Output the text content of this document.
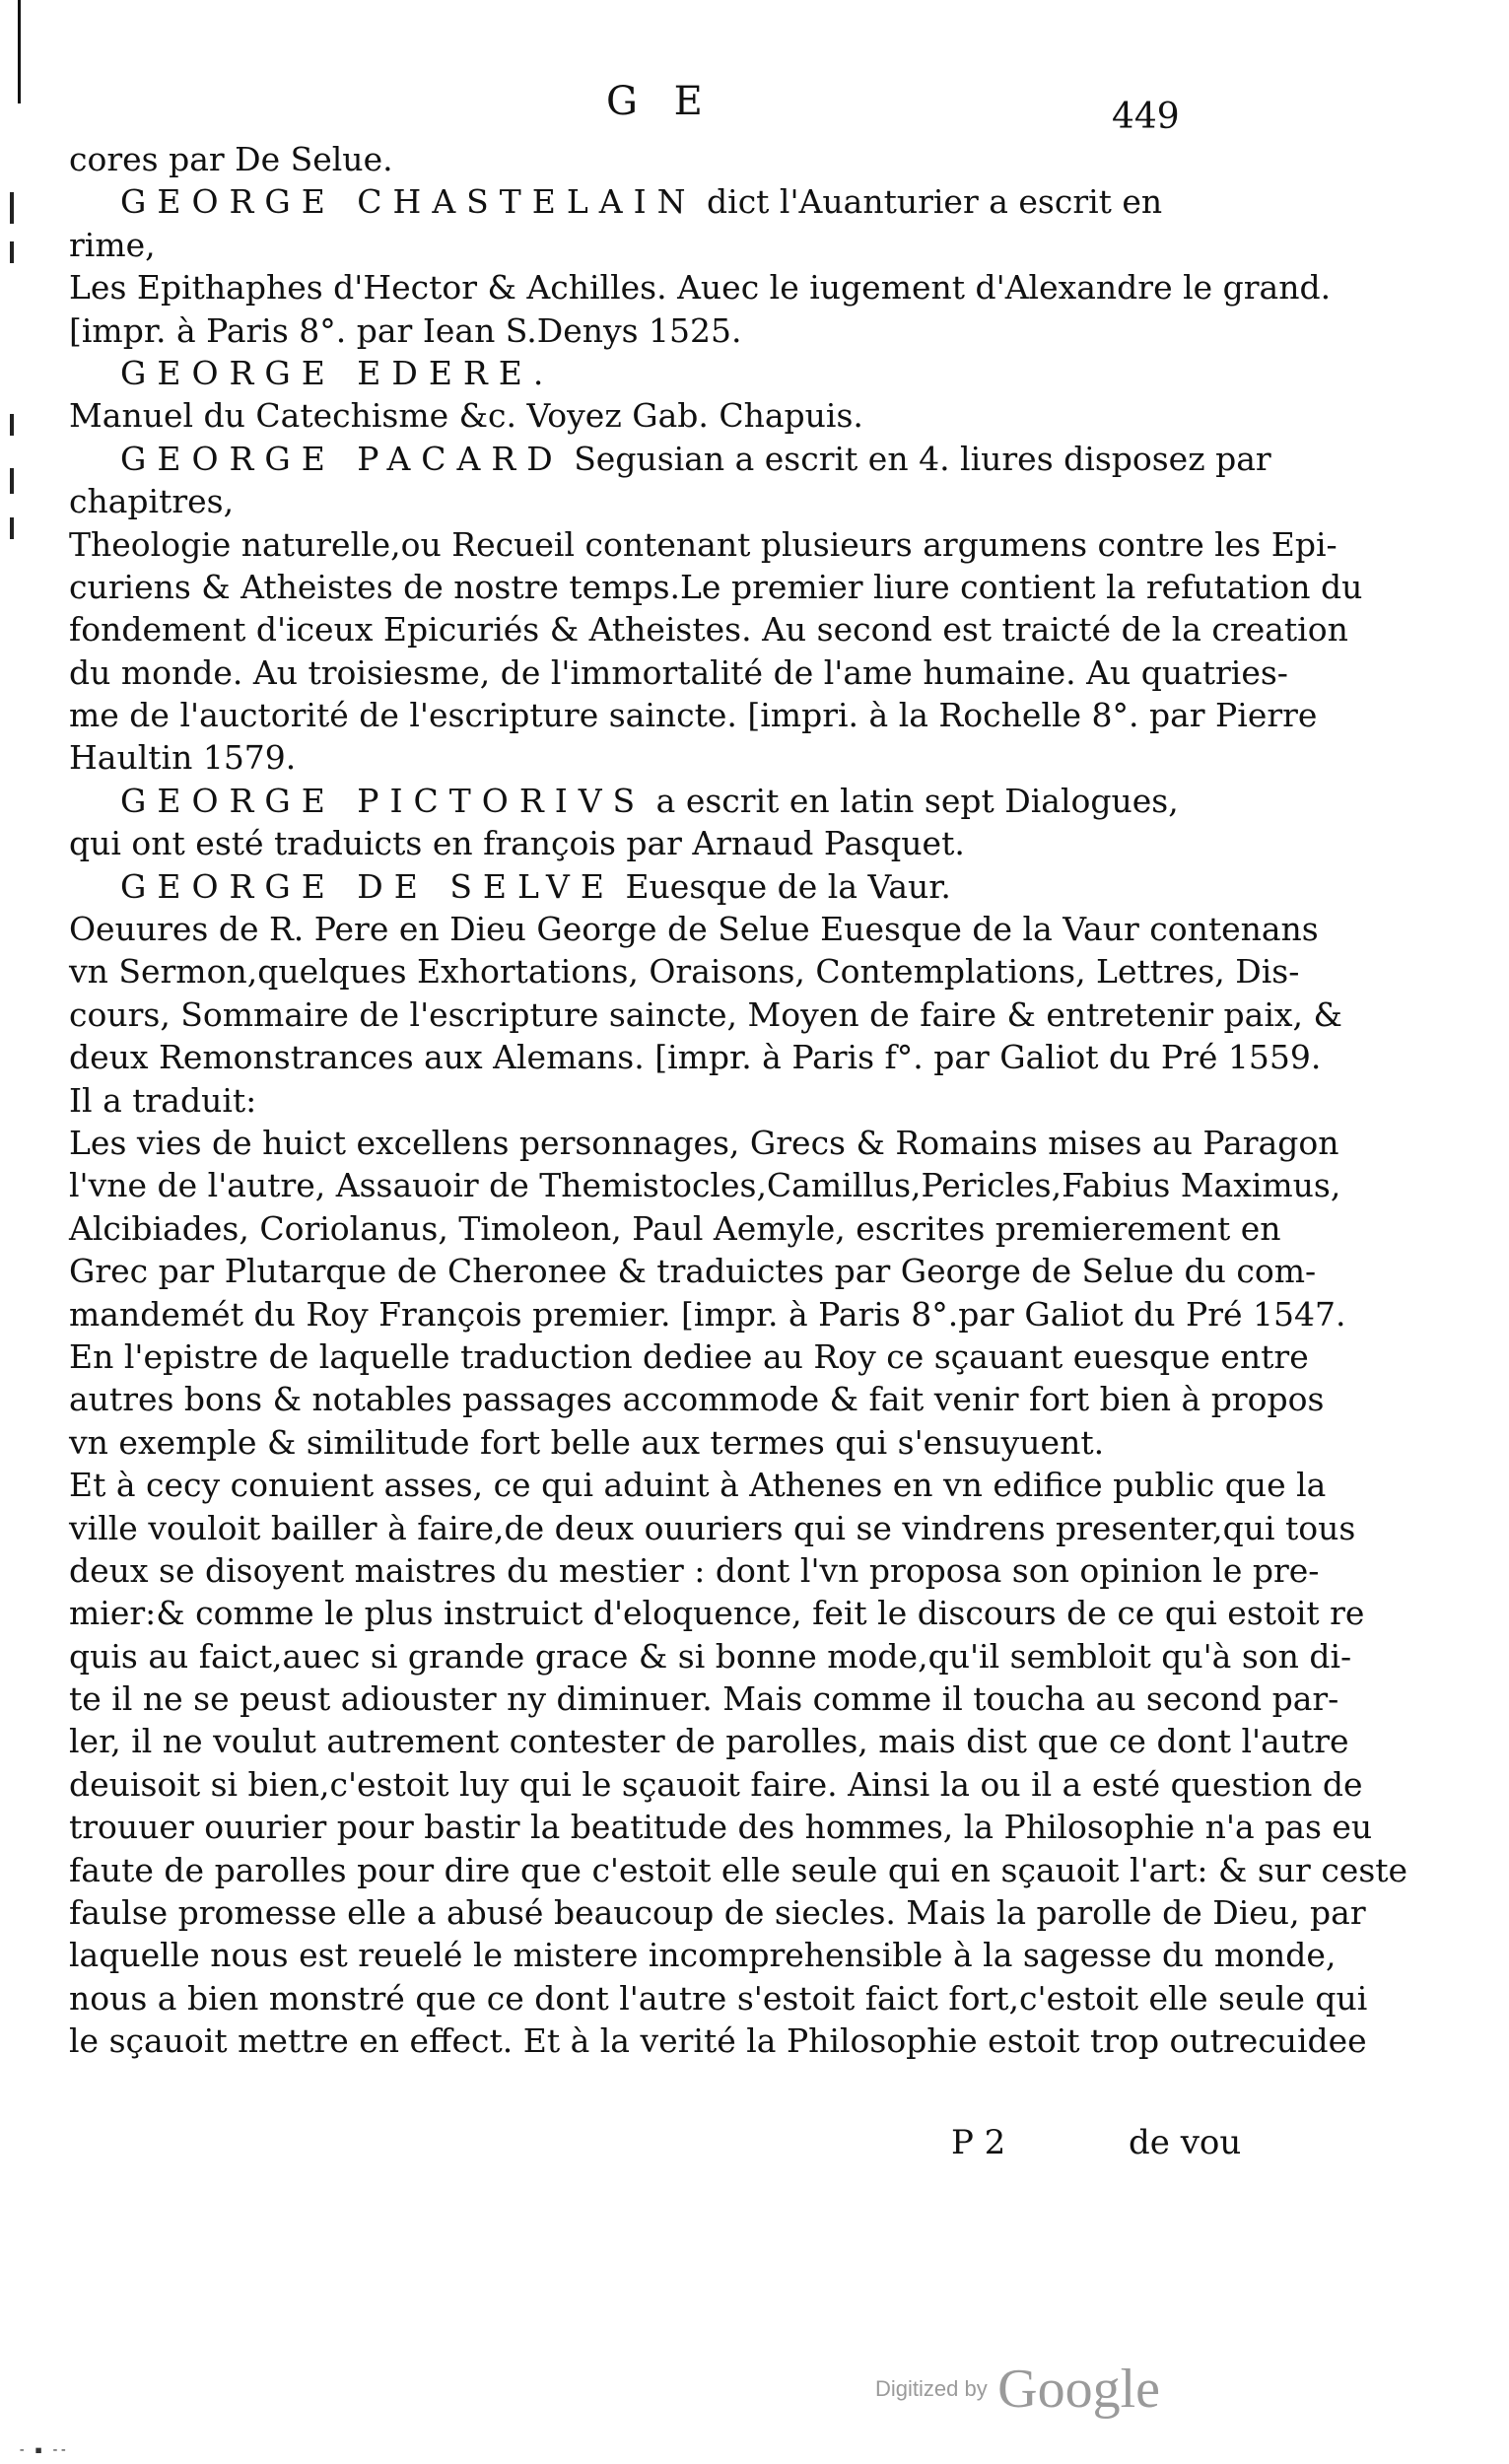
G E	449
cores par De Selue.
GEORGE CHASTELAIN dict l'Auanturier a escrit en
rime,
Les Epithaphes d'Hector & Achilles. Auec le iugement d'Alexandre le grand.
[impr. à Paris 8°. par Iean S.Denys 1525.
GEORGE EDERE.
Manuel du Catechisme &c. Voyez Gab. Chapuis.
GEORGE PACARD Segusian a escrit en 4. liures disposez par
chapitres,
Theologie naturelle,ou Recueil contenant plusieurs argumens contre les Epi-
curiens & Atheistes de nostre temps.Le premier liure contient la refutation du
fondement d'iceux Epicuriés & Atheistes. Au second est traicté de la creation
du monde. Au troisiesme, de l'immortalité de l'ame humaine. Au quatries-
me de l'auctorité de l'escripture saincte. [impri. à la Rochelle 8°. par Pierre
Haultin 1579.
GEORGE PICTORIVS a escrit en latin sept Dialogues,
qui ont esté traduicts en françois par Arnaud Pasquet.
GEORGE DE SELVE Euesque de la Vaur.
Oeuures de R. Pere en Dieu George de Selue Euesque de la Vaur contenans
vn Sermon,quelques Exhortations, Oraisons, Contemplations, Lettres, Dis-
cours, Sommaire de l'escripture saincte, Moyen de faire & entretenir paix, &
deux Remonstrances aux Alemans. [impr. à Paris f°. par Galiot du Pré 1559.
Il a traduit:
Les vies de huict excellens personnages, Grecs & Romains mises au Paragon
l'vne de l'autre, Assauoir de Themistocles,Camillus,Pericles,Fabius Maximus,
Alcibiades, Coriolanus, Timoleon, Paul Aemyle, escrites premierement en
Grec par Plutarque de Cheronee & traduictes par George de Selue du com-
mandemét du Roy François premier. [impr. à Paris 8°.par Galiot du Pré 1547.
En l'epistre de laquelle traduction dediee au Roy ce sçauant euesque entre
autres bons & notables passages accommode & fait venir fort bien à propos
vn exemple & similitude fort belle aux termes qui s'ensuyuent.
Et à cecy conuient asses, ce qui aduint à Athenes en vn edifice public que la
ville vouloit bailler à faire,de deux ouuriers qui se vindrens presenter,qui tous
deux se disoyent maistres du mestier : dont l'vn proposa son opinion le pre-
mier:& comme le plus instruict d'eloquence, feit le discours de ce qui estoit re
quis au faict,auec si grande grace & si bonne mode,qu'il sembloit qu'à son di-
te il ne se peust adiouster ny diminuer. Mais comme il toucha au second par-
ler, il ne voulut autrement contester de parolles, mais dist que ce dont l'autre
deuisoit si bien,c'estoit luy qui le sçauoit faire. Ainsi la ou il a esté question de
trouuer ouurier pour bastir la beatitude des hommes, la Philosophie n'a pas eu
faute de parolles pour dire que c'estoit elle seule qui en sçauoit l'art: & sur ceste
faulse promesse elle a abusé beaucoup de siecles. Mais la parolle de Dieu, par
laquelle nous est reuelé le mistere incomprehensible à la sagesse du monde,
nous a bien monstré que ce dont l'autre s'estoit faict fort,c'estoit elle seule qui
le sçauoit mettre en effect. Et à la verité la Philosophie estoit trop outrecuidee
P 2	de vou
Digitized by Google
‑ ▪ ‑‑
